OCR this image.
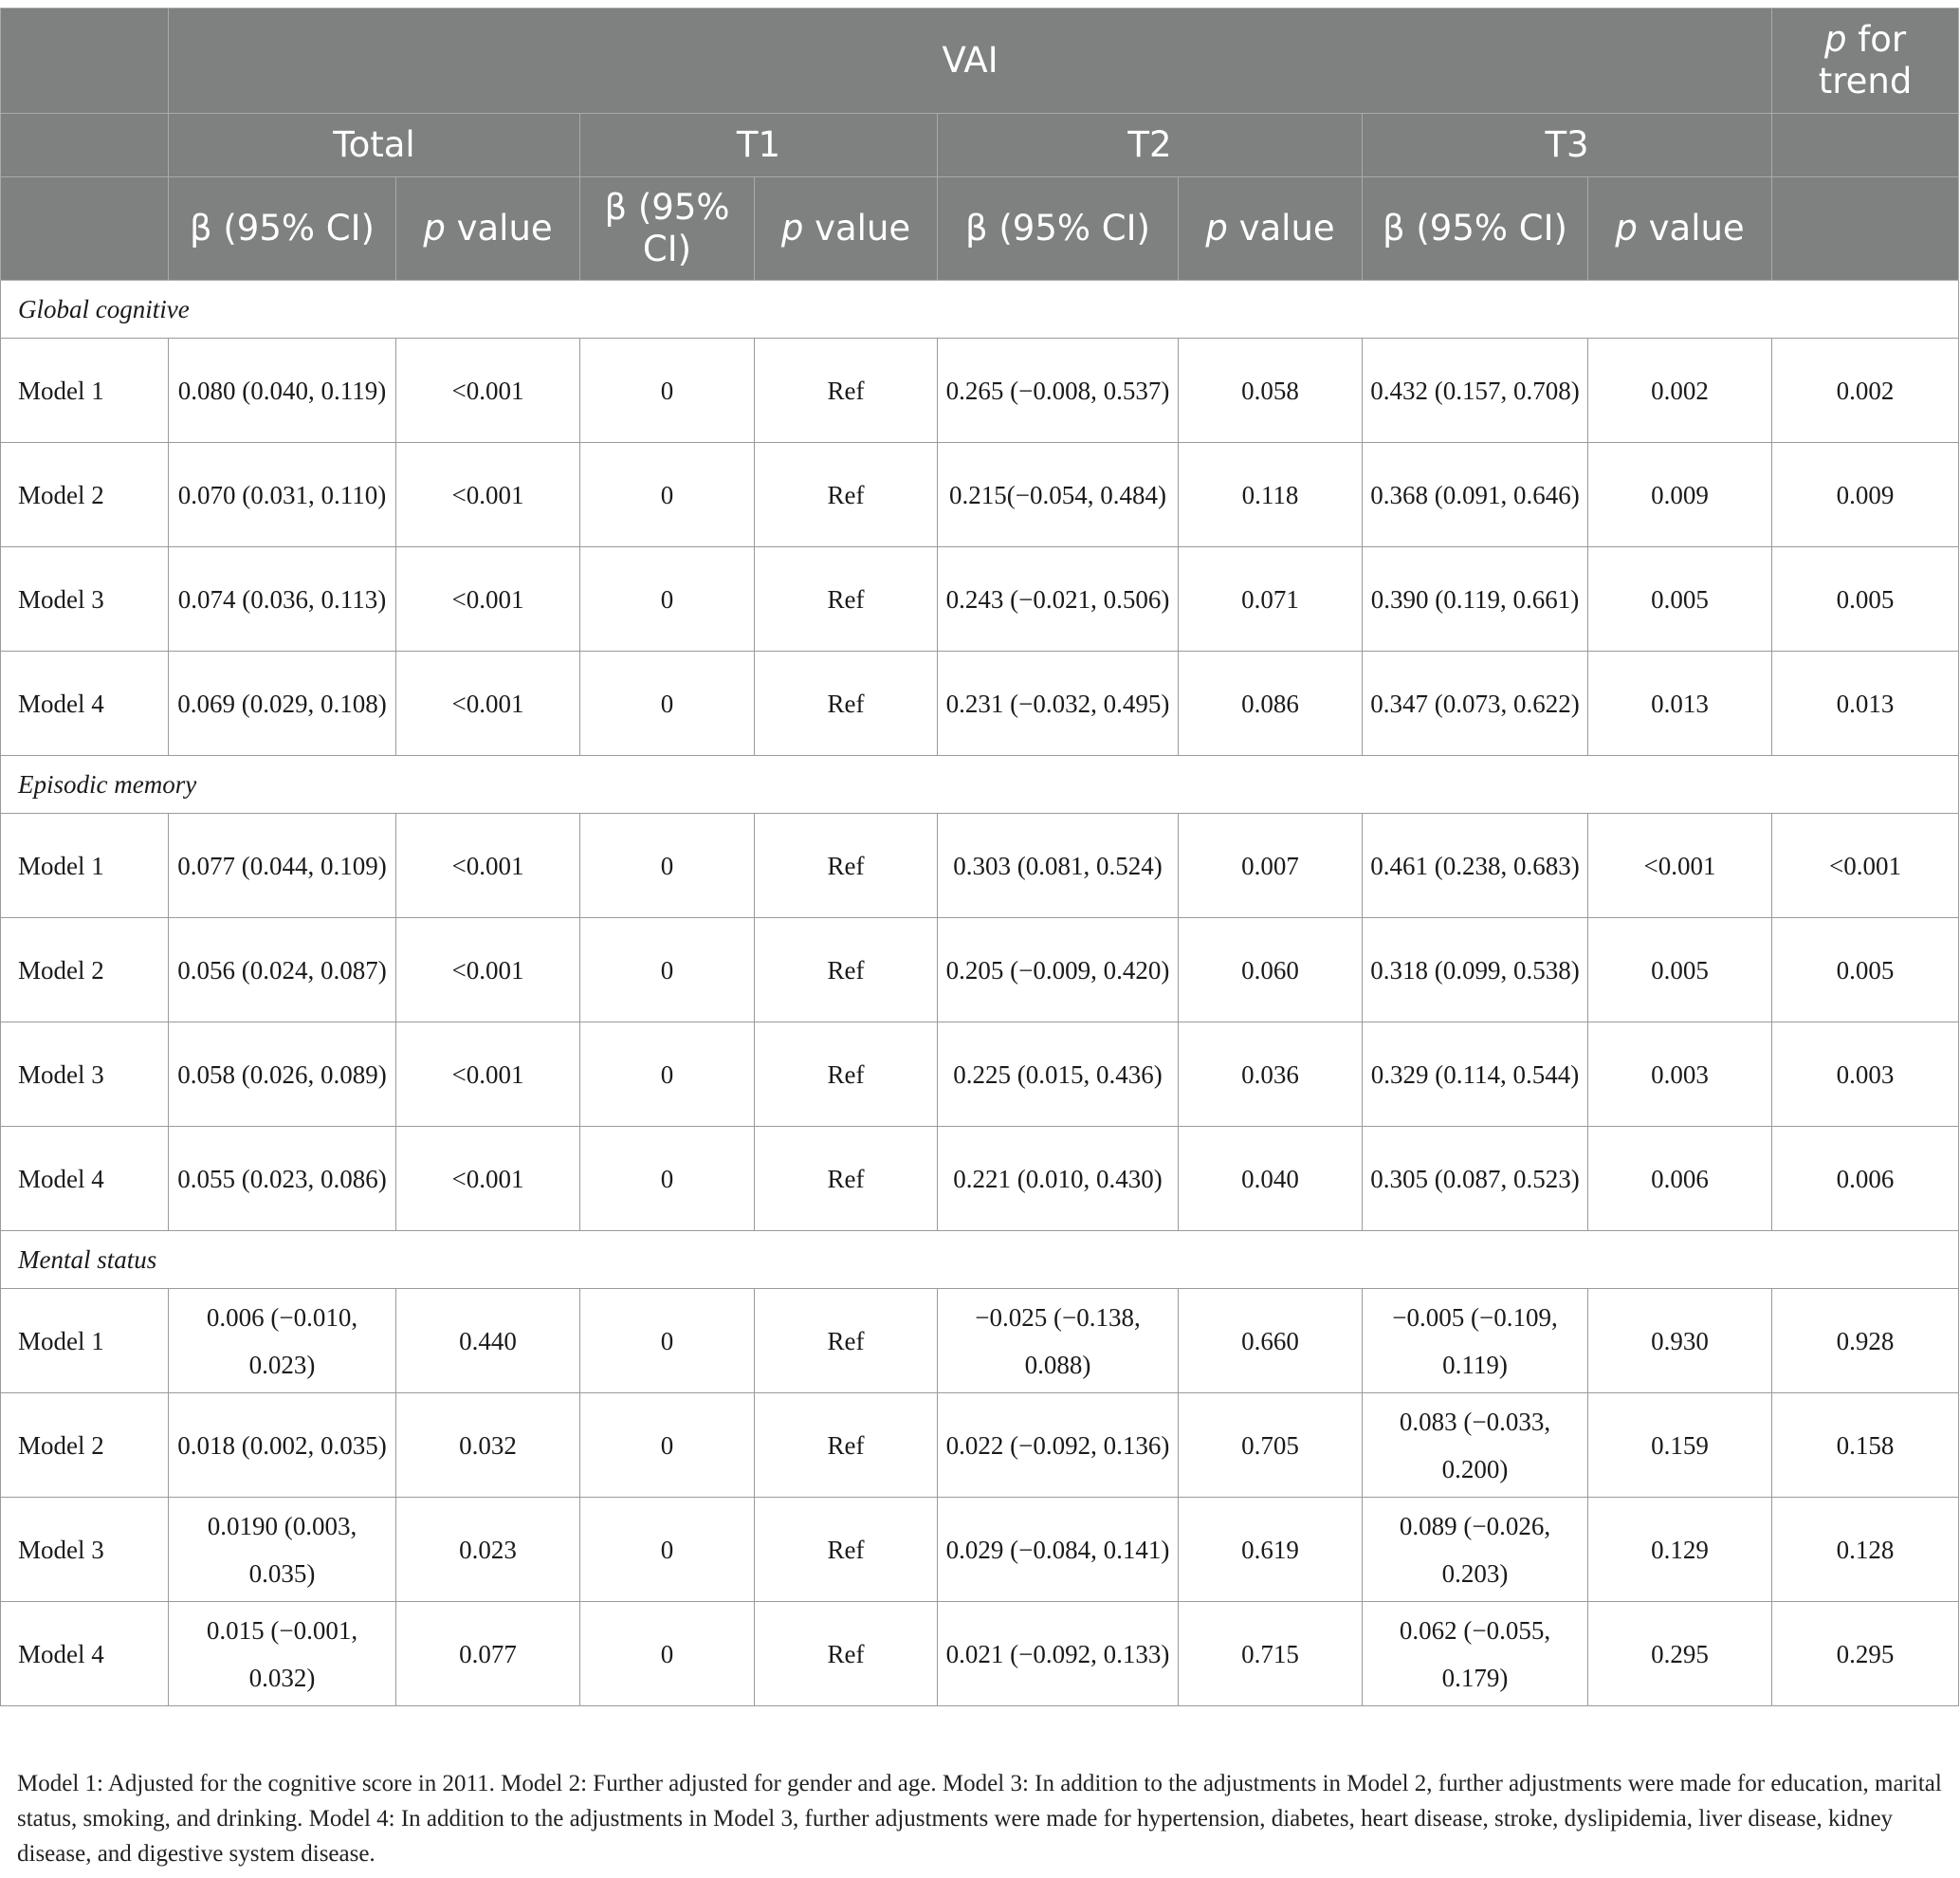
	VAI								p for trend
	Total		T1		T2		T3		
	β (95% CI)	p value	β (95% CI)	p value	β (95% CI)	p value	β (95% CI)	p value	
Global cognitive									
Model 1	0.080 (0.040, 0.119)	<0.001	0	Ref	0.265 (−0.008, 0.537)	0.058	0.432 (0.157, 0.708)	0.002	0.002
Model 2	0.070 (0.031, 0.110)	<0.001	0	Ref	0.215(−0.054, 0.484)	0.118	0.368 (0.091, 0.646)	0.009	0.009
Model 3	0.074 (0.036, 0.113)	<0.001	0	Ref	0.243 (−0.021, 0.506)	0.071	0.390 (0.119, 0.661)	0.005	0.005
Model 4	0.069 (0.029, 0.108)	<0.001	0	Ref	0.231 (−0.032, 0.495)	0.086	0.347 (0.073, 0.622)	0.013	0.013
Episodic memory									
Model 1	0.077 (0.044, 0.109)	<0.001	0	Ref	0.303 (0.081, 0.524)	0.007	0.461 (0.238, 0.683)	<0.001	<0.001
Model 2	0.056 (0.024, 0.087)	<0.001	0	Ref	0.205 (−0.009, 0.420)	0.060	0.318 (0.099, 0.538)	0.005	0.005
Model 3	0.058 (0.026, 0.089)	<0.001	0	Ref	0.225 (0.015, 0.436)	0.036	0.329 (0.114, 0.544)	0.003	0.003
Model 4	0.055 (0.023, 0.086)	<0.001	0	Ref	0.221 (0.010, 0.430)	0.040	0.305 (0.087, 0.523)	0.006	0.006
Mental status									
Model 1	0.006 (−0.010, 0.023)	0.440	0	Ref	−0.025 (−0.138, 0.088)	0.660	−0.005 (−0.109, 0.119)	0.930	0.928
Model 2	0.018 (0.002, 0.035)	0.032	0	Ref	0.022 (−0.092, 0.136)	0.705	0.083 (−0.033, 0.200)	0.159	0.158
Model 3	0.0190 (0.003, 0.035)	0.023	0	Ref	0.029 (−0.084, 0.141)	0.619	0.089 (−0.026, 0.203)	0.129	0.128
Model 4	0.015 (−0.001, 0.032)	0.077	0	Ref	0.021 (−0.092, 0.133)	0.715	0.062 (−0.055, 0.179)	0.295	0.295
Model 1: Adjusted for the cognitive score in 2011. Model 2: Further adjusted for gender and age. Model 3: In addition to the adjustments in Model 2, further adjustments were made for education, marital status, smoking, and drinking. Model 4: In addition to the adjustments in Model 3, further adjustments were made for hypertension, diabetes, heart disease, stroke, dyslipidemia, liver disease, kidney disease, and digestive system disease.
